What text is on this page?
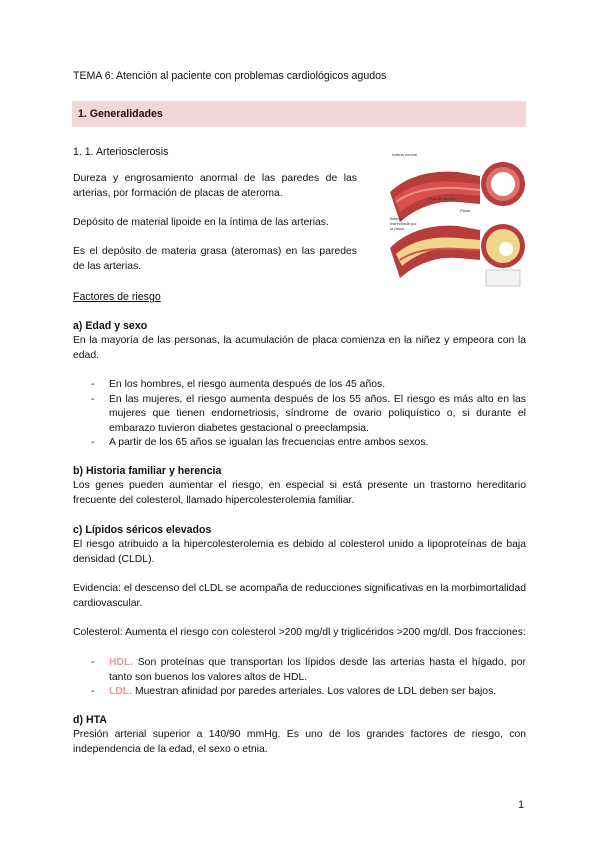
TEMA 6: Atención al paciente con problemas cardiológicos agudos
1. Generalidades
1. 1. Arteriosclerosis

Dureza y engrosamiento anormal de las paredes de las arterias, por formación de placas de ateroma.

Depósito de material lipoide en la íntima de las arterias.

Es el depósito de materia grasa (ateromas) en las paredes de las arterias.

Arteria normal
Arteria estrechada por la placa
Flujo de sangre
Placa
Factores de riesgo
a) Edad y sexo

En la mayoría de las personas, la acumulación de placa comienza en la niñez y empeora con la edad.

- En los hombres, el riesgo aumenta después de los 45 años.
- En las mujeres, el riesgo aumenta después de los 55 años. El riesgo es más alto en las mujeres que tienen endometriosis, síndrome de ovario poliquístico o, si durante el embarazo tuvieron diabetes gestacional o preeclampsia.
- A partir de los 65 años se igualan las frecuencias entre ambos sexos.
b) Historia familiar y herencia

Los genes pueden aumentar el riesgo, en especial si está presente un trastorno hereditario frecuente del colesterol, llamado hipercolesterolemia familiar.

c) Lípidos séricos elevados

El riesgo atribuido a la hipercolesterolemia es debido al colesterol unido a lipoproteínas de baja densidad (CLDL).

Evidencia: el descenso del cLDL se acompaña de reducciones significativas en la morbimortalidad cardiovascular.

Colesterol: Aumenta el riesgo con colesterol >200 mg/dl y triglicéridos >200 mg/dl. Dos fracciones:

- HDL. Son proteínas que transportan los lípidos desde las arterias hasta el hígado, por tanto son buenos los valores altos de HDL.
- LDL. Muestran afinidad por paredes arteriales. Los valores de LDL deben ser bajos.
d) HTA

Presión arterial superior a 140/90 mmHg. Es uno de los grandes factores de riesgo, con independencia de la edad, el sexo o etnia.

1
